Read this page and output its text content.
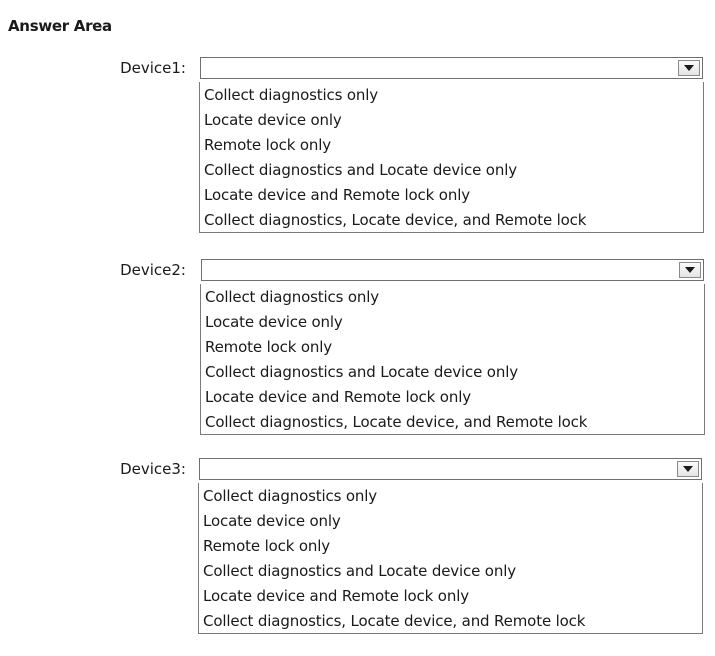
Answer Area
Device1:
Collect diagnostics only
Locate device only
Remote lock only
Collect diagnostics and Locate device only
Locate device and Remote lock only
Collect diagnostics, Locate device, and Remote lock
Device2:
Collect diagnostics only
Locate device only
Remote lock only
Collect diagnostics and Locate device only
Locate device and Remote lock only
Collect diagnostics, Locate device, and Remote lock
Device3:
Collect diagnostics only
Locate device only
Remote lock only
Collect diagnostics and Locate device only
Locate device and Remote lock only
Collect diagnostics, Locate device, and Remote lock
